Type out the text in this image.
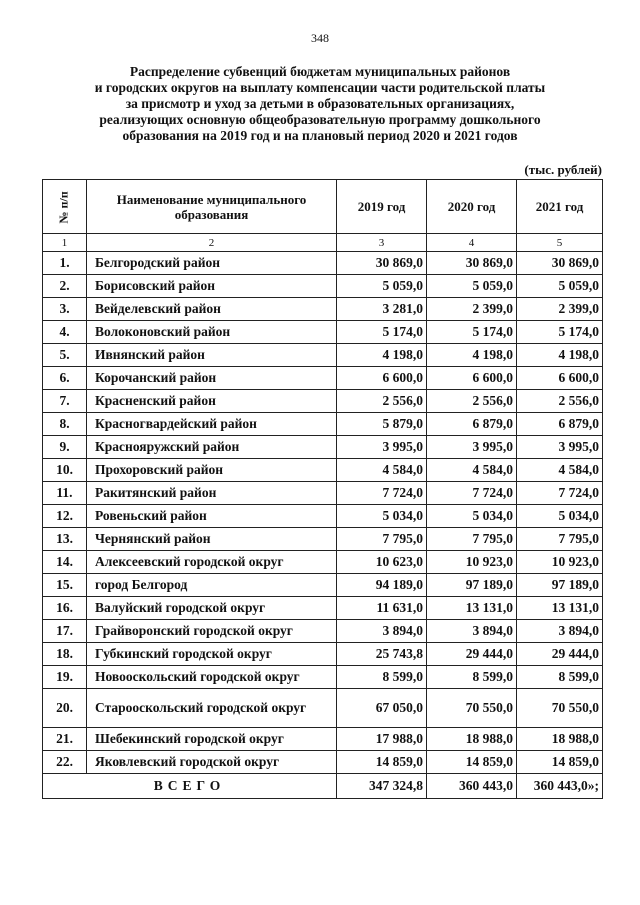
348
Распределение субвенций бюджетам муниципальных районов
и городских округов на выплату компенсации части родительской платы
за присмотр и уход за детьми в образовательных организациях,
реализующих основную общеобразовательную программу дошкольного
образования на 2019 год и на плановый период 2020 и 2021 годов
(тыс. рублей)
№ п/п	Наименование муниципального образования	2019 год	2020 год	2021 год
1	2	3	4	5
1.	Белгородский район	30 869,0	30 869,0	30 869,0
2.	Борисовский район	5 059,0	5 059,0	5 059,0
3.	Вейделевский район	3 281,0	2 399,0	2 399,0
4.	Волоконовский район	5 174,0	5 174,0	5 174,0
5.	Ивнянский район	4 198,0	4 198,0	4 198,0
6.	Корочанский район	6 600,0	6 600,0	6 600,0
7.	Красненский район	2 556,0	2 556,0	2 556,0
8.	Красногвардейский район	5 879,0	6 879,0	6 879,0
9.	Краснояружский район	3 995,0	3 995,0	3 995,0
10.	Прохоровский район	4 584,0	4 584,0	4 584,0
11.	Ракитянский район	7 724,0	7 724,0	7 724,0
12.	Ровеньский район	5 034,0	5 034,0	5 034,0
13.	Чернянский район	7 795,0	7 795,0	7 795,0
14.	Алексеевский городской округ	10 623,0	10 923,0	10 923,0
15.	город Белгород	94 189,0	97 189,0	97 189,0
16.	Валуйский городской округ	11 631,0	13 131,0	13 131,0
17.	Грайворонский городской округ	3 894,0	3 894,0	3 894,0
18.	Губкинский городской округ	25 743,8	29 444,0	29 444,0
19.	Новооскольский городской округ	8 599,0	8 599,0	8 599,0
20.	Старооскольский городской округ	67 050,0	70 550,0	70 550,0
21.	Шебекинский городской округ	17 988,0	18 988,0	18 988,0
22.	Яковлевский городской округ	14 859,0	14 859,0	14 859,0
ВСЕГО		347 324,8	360 443,0	360 443,0»;
